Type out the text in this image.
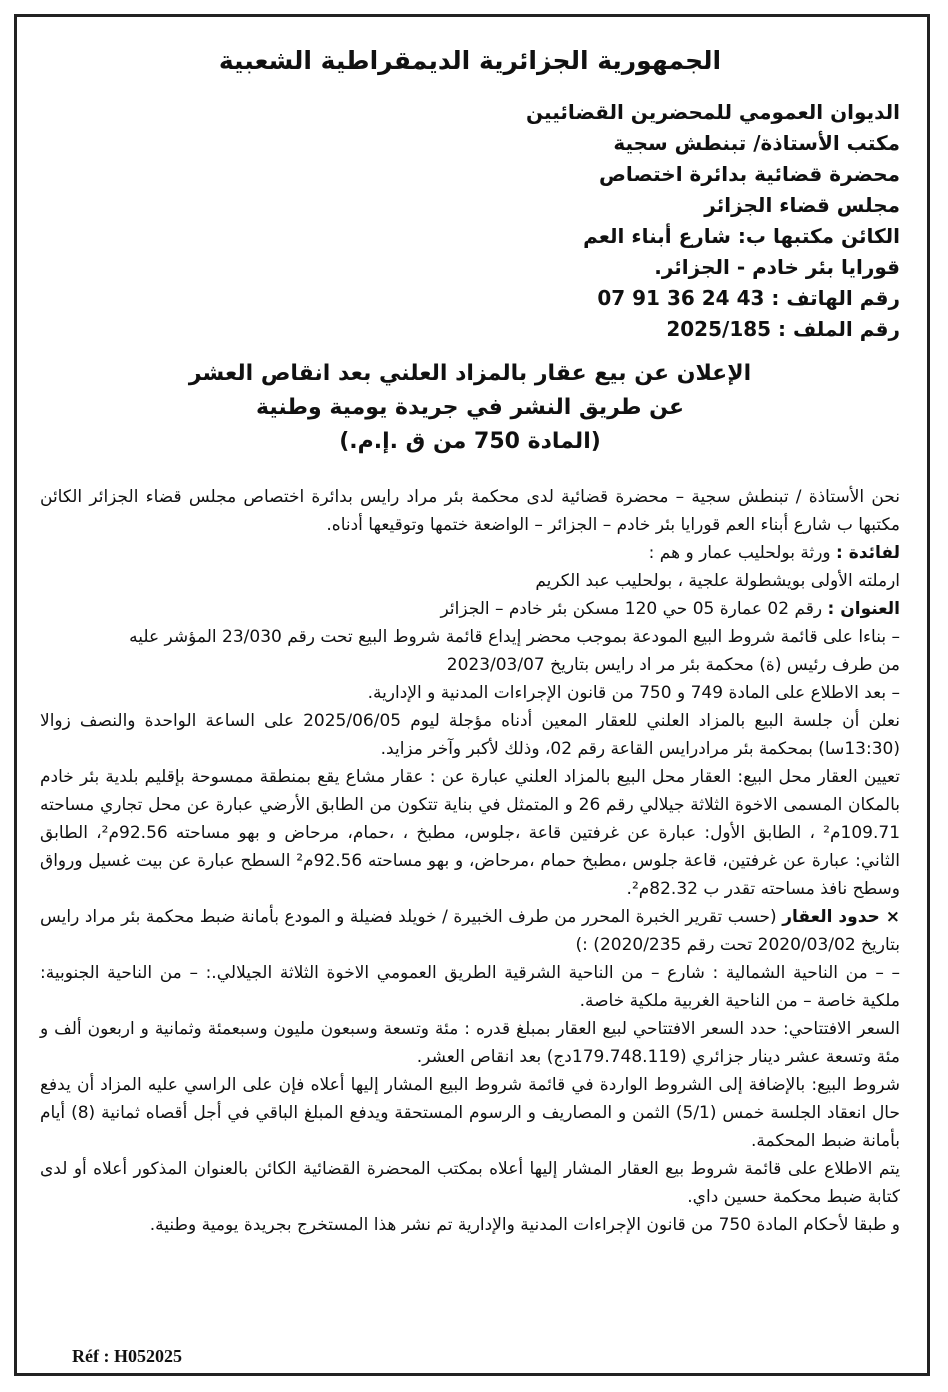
الجمهورية الجزائرية الديمقراطية الشعبية
الديوان العمومي للمحضرين القضائيين
مكتب الأستاذة/ تبنطش سجية
محضرة قضائية بدائرة اختصاص
مجلس قضاء الجزائر
الكائن مكتبها ب: شارع أبناء العم
قورايا بئر خادم - الجزائر.
رقم الهاتف : 43 24 36 91 07
رقم الملف : 2025/185
الإعلان عن بيع عقار بالمزاد العلني بعد انقاص العشر
عن طريق النشر في جريدة يومية وطنية
(المادة 750 من ق .إ.م.)
نحن الأستاذة / تبنطش سجية – محضرة قضائية لدى محكمة بئر مراد رايس بدائرة اختصاص مجلس قضاء الجزائر الكائن مكتبها ب شارع أبناء العم قورايا بئر خادم – الجزائر – الواضعة ختمها وتوقيعها أدناه.
لفائدة : ورثة بولحليب عمار و هم :
ارملته الأولى بويشطولة علجية ، بولحليب عبد الكريم
العنوان : رقم 02 عمارة 05 حي 120 مسكن بئر خادم – الجزائر
– بناءا على قائمة شروط البيع المودعة بموجب محضر إيداع قائمة شروط البيع تحت رقم 23/030 المؤشر عليه
من طرف رئيس (ة) محكمة بئر مر اد رايس بتاريخ 2023/03/07
– بعد الاطلاع على المادة 749 و 750 من قانون الإجراءات المدنية و الإدارية.
نعلن أن جلسة البيع بالمزاد العلني للعقار المعين أدناه مؤجلة ليوم 2025/06/05 على الساعة الواحدة والنصف زوالا (13:30سا) بمحكمة بئر مرادرايس القاعة رقم 02، وذلك لأكبر وآخر مزايد.
تعيين العقار محل البيع: العقار محل البيع بالمزاد العلني عبارة عن : عقار مشاع يقع بمنطقة ممسوحة بإقليم بلدية بئر خادم بالمكان المسمى الاخوة الثلاثة جيلالي رقم 26 و المتمثل في بناية تتكون من الطابق الأرضي عبارة عن محل تجاري مساحته 109.71م² ، الطابق الأول: عبارة عن غرفتين قاعة ،جلوس، مطبخ ، ،حمام، مرحاض و بهو مساحته 92.56م²، الطابق الثاني: عبارة عن غرفتين، قاعة جلوس ،مطبخ حمام ،مرحاض، و بهو مساحته 92.56م² السطح عبارة عن بيت غسيل ورواق وسطح نافذ مساحته تقدر ب 82.32م².
× حدود العقار (حسب تقرير الخبرة المحرر من طرف الخبيرة / خويلد فضيلة و المودع بأمانة ضبط محكمة بئر مراد رايس بتاريخ 2020/03/02 تحت رقم 2020/235) :)
– – من الناحية الشمالية : شارع – من الناحية الشرقية الطريق العمومي الاخوة الثلاثة الجيلالي.: – من الناحية الجنوبية: ملكية خاصة – من الناحية الغربية ملكية خاصة.
السعر الافتتاحي: حدد السعر الافتتاحي لبيع العقار بمبلغ قدره : مئة وتسعة وسبعون مليون وسبعمئة وثمانية و اربعون ألف و مئة وتسعة عشر دينار جزائري (179.748.119دج) بعد انقاص العشر.
شروط البيع: بالإضافة إلى الشروط الواردة في قائمة شروط البيع المشار إليها أعلاه فإن على الراسي عليه المزاد أن يدفع حال انعقاد الجلسة خمس (5/1) الثمن و المصاريف و الرسوم المستحقة ويدفع المبلغ الباقي في أجل أقصاه ثمانية (8) أيام بأمانة ضبط المحكمة.
يتم الاطلاع على قائمة شروط بيع العقار المشار إليها أعلاه بمكتب المحضرة القضائية الكائن بالعنوان المذكور أعلاه أو لدى كتابة ضبط محكمة حسين داي.
و طبقا لأحكام المادة 750 من قانون الإجراءات المدنية والإدارية تم نشر هذا المستخرج بجريدة يومية وطنية.
Réf : H052025
